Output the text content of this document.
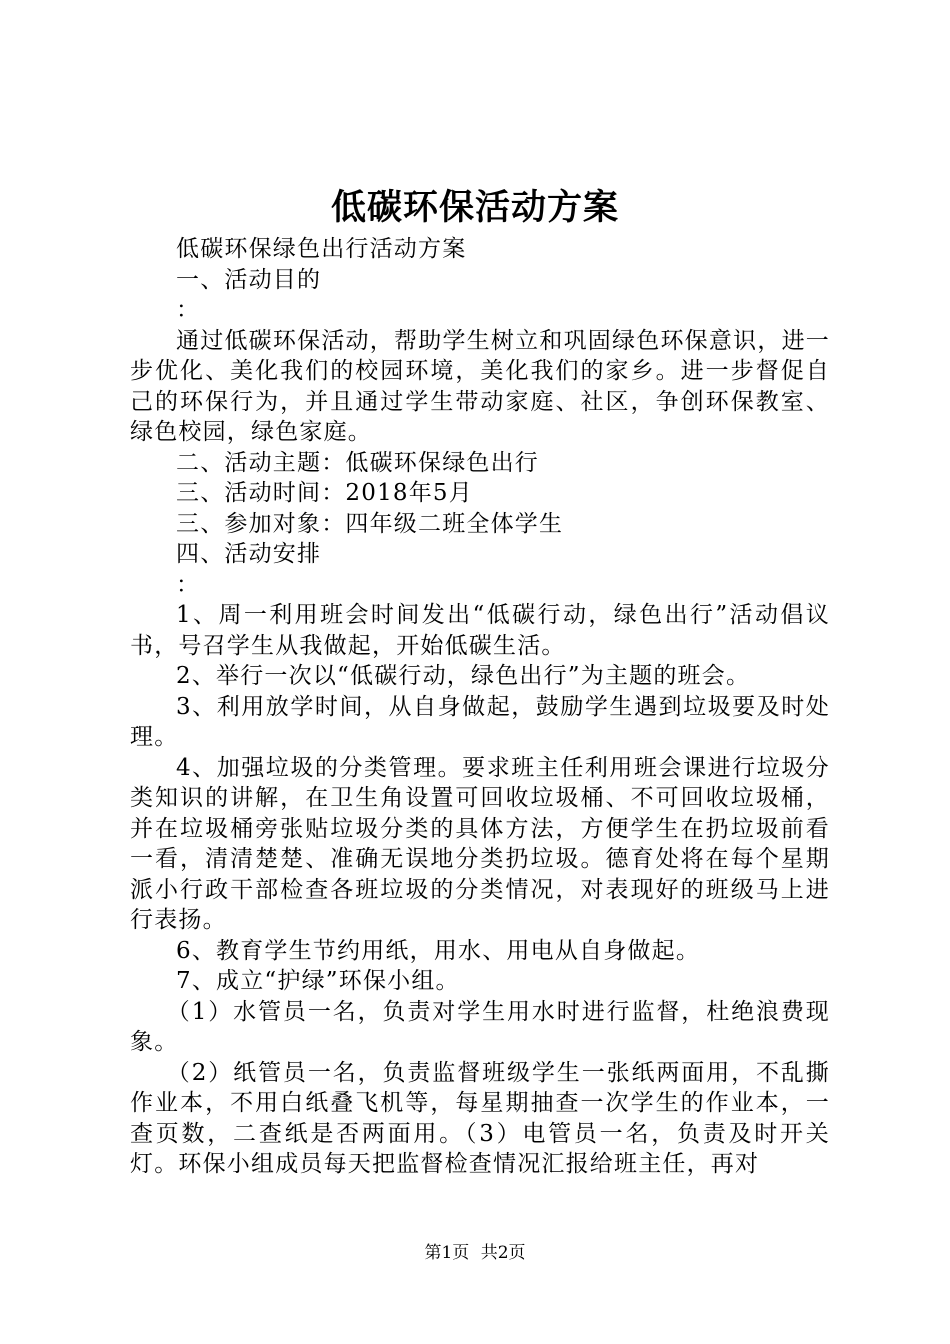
低碳环保活动方案

低碳环保绿色出行活动方案

一、活动目的

：

通过低碳环保活动，帮助学生树立和巩固绿色环保意识，进一步优化、美化我们的校园环境，美化我们的家乡。进一步督促自己的环保行为，并且通过学生带动家庭、社区，争创环保教室、绿色校园，绿色家庭。

二、活动主题：低碳环保绿色出行

三、活动时间：2018年5月

三、参加对象：四年级二班全体学生

四、活动安排

：

1、周一利用班会时间发出“低碳行动，绿色出行”活动倡议书，号召学生从我做起，开始低碳生活。

2、举行一次以“低碳行动，绿色出行”为主题的班会。

3、利用放学时间，从自身做起，鼓励学生遇到垃圾要及时处理。

4、加强垃圾的分类管理。要求班主任利用班会课进行垃圾分类知识的讲解，在卫生角设置可回收垃圾桶、不可回收垃圾桶，并在垃圾桶旁张贴垃圾分类的具体方法，方便学生在扔垃圾前看一看，清清楚楚、准确无误地分类扔垃圾。德育处将在每个星期派小行政干部检查各班垃圾的分类情况，对表现好的班级马上进行表扬。

6、教育学生节约用纸，用水、用电从自身做起。

7、成立“护绿”环保小组。

（1）水管员一名，负责对学生用水时进行监督，杜绝浪费现象。

（2）纸管员一名，负责监督班级学生一张纸两面用，不乱撕作业本，不用白纸叠飞机等，每星期抽查一次学生的作业本，一查页数，二查纸是否两面用。（3）电管员一名，负责及时开关灯。环保小组成员每天把监督检查情况汇报给班主任，再对

第1页 共2页
